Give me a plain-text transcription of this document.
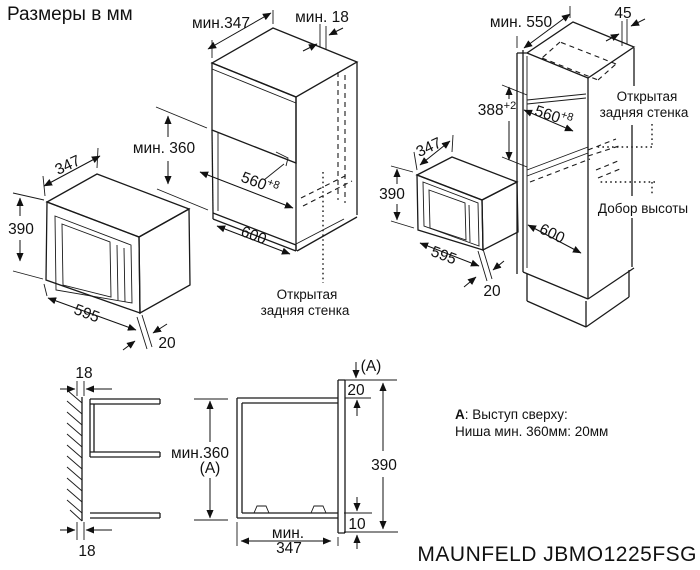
Размеры в мм
347
390
595
20
мин.347	мин. 18
мин. 360
$560^{+8}$
600
Открытая
задняя стенка
347
390
595
20
мин. 550
45
$388^{+2}$ $560^{+8}$
600
Открытая
задняя стенка
Добор высоты
18
18
мин.360
(А)
(А)
20
390
10
мин.
347
А: Выступ сверху:
Ниша мин. 360мм: 20мм
MAUNFELD JBMO1225FSG
